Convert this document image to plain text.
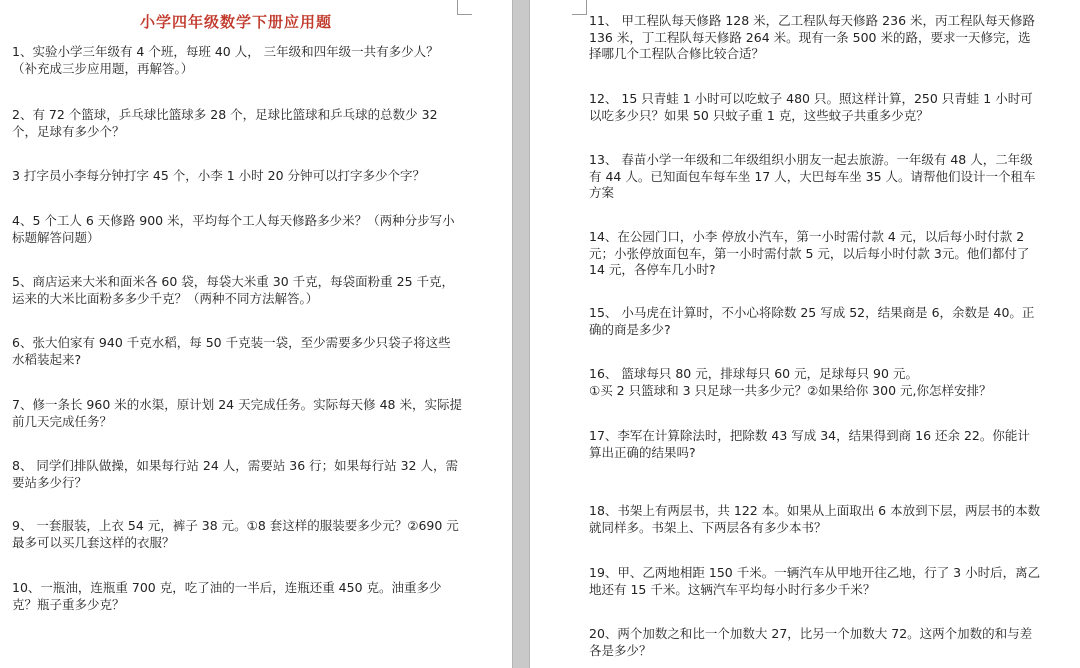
小学四年级数学下册应用题

1、实验小学三年级有 4 个班，每班 40 人， 三年级和四年级一共有多少人？（补充成三步应用题，再解答。）

2、有 72 个篮球，乒乓球比篮球多 28 个，足球比篮球和乒乓球的总数少 32 个，足球有多少个？

3 打字员小李每分钟打字 45 个，小李 1 小时 20 分钟可以打字多少个字？

4、5 个工人 6 天修路 900 米，平均每个工人每天修路多少米？（两种分步写小标题解答问题）

5、商店运来大米和面米各 60 袋，每袋大米重 30 千克，每袋面粉重 25 千克，运来的大米比面粉多多少千克？（两种不同方法解答。）

6、张大伯家有 940 千克水稻，每 50 千克装一袋，至少需要多少只袋子将这些水稻装起来?

7、修一条长 960 米的水渠，原计划 24 天完成任务。实际每天修 48 米，实际提前几天完成任务？

8、 同学们排队做操，如果每行站 24 人，需要站 36 行；如果每行站 32 人，需要站多少行？

9、 一套服装，上衣 54 元，裤子 38 元。①8 套这样的服装要多少元？②690 元最多可以买几套这样的衣服？

10、一瓶油，连瓶重 700 克，吃了油的一半后，连瓶还重 450 克。油重多少克？瓶子重多少克？

11、 甲工程队每天修路 128 米，乙工程队每天修路 236 米，丙工程队每天修路 136 米，丁工程队每天修路 264 米。现有一条 500 米的路，要求一天修完，选择哪几个工程队合修比较合适？

12、 15 只青蛙 1 小时可以吃蚊子 480 只。照这样计算，250 只青蛙 1 小时可以吃多少只？如果 50 只蚊子重 1 克，这些蚊子共重多少克？

13、 春苗小学一年级和二年级组织小朋友一起去旅游。一年级有 48 人，二年级有 44 人。已知面包车每车坐 17 人，大巴每车坐 35 人。请帮他们设计一个租车方案

14、在公园门口，小李 停放小汽车，第一小时需付款 4 元，以后每小时付款 2 元；小张停放面包车，第一小时需付款 5 元，以后每小时付款 3元。他们都付了 14 元，各停车几小时?

15、 小马虎在计算时，不小心将除数 25 写成 52，结果商是 6，余数是 40。正确的商是多少?

16、 篮球每只 80 元，排球每只 60 元，足球每只 90 元。
①买 2 只篮球和 3 只足球一共多少元？②如果给你 300 元,你怎样安排？

17、李军在计算除法时，把除数 43 写成 34，结果得到商 16 还余 22。你能计算出正确的结果吗?

18、书架上有两层书，共 122 本。如果从上面取出 6 本放到下层，两层书的本数就同样多。书架上、下两层各有多少本书？

19、甲、乙两地相距 150 千米。一辆汽车从甲地开往乙地，行了 3 小时后，离乙地还有 15 千米。这辆汽车平均每小时行多少千米？

20、两个加数之和比一个加数大 27，比另一个加数大 72。这两个加数的和与差各是多少？
